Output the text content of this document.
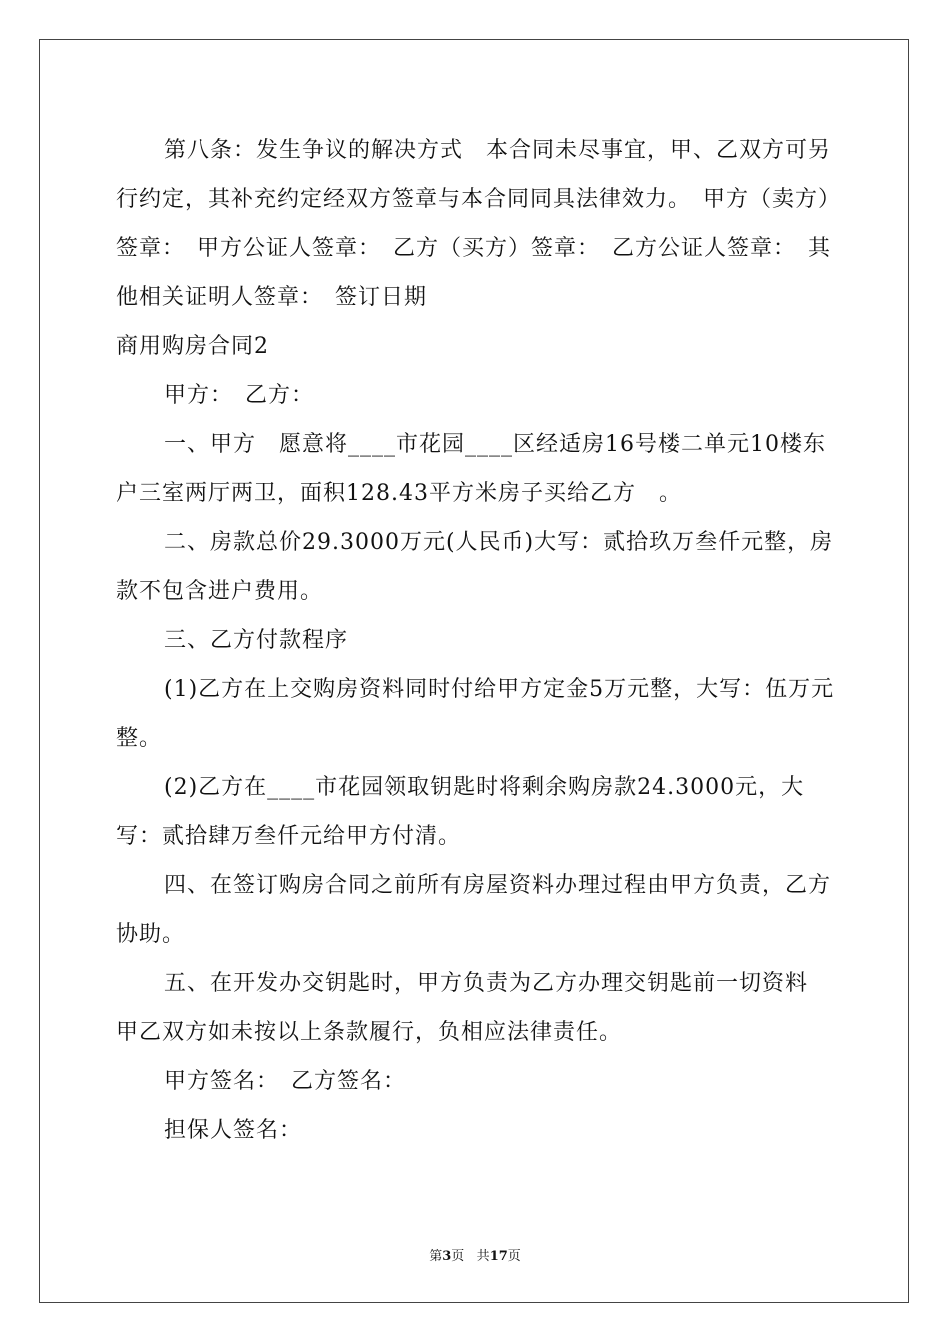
第八条：发生争议的解决方式　本合同未尽事宜，甲、乙双方可另行约定，其补充约定经双方签章与本合同同具法律效力。　甲方（卖方）签章：　甲方公证人签章：　乙方（买方）签章：　乙方公证人签章：　其他相关证明人签章：　签订日期

商用购房合同2

甲方：　乙方：

一、甲方　愿意将____市花园____区经适房16号楼二单元10楼东户三室两厅两卫，面积128.43平方米房子买给乙方　。

二、房款总价29.3000万元(人民币)大写：贰拾玖万叁仟元整，房款不包含进户费用。

三、乙方付款程序

(1)乙方在上交购房资料同时付给甲方定金5万元整，大写：伍万元整。

(2)乙方在____市花园领取钥匙时将剩余购房款24.3000元，大写：贰拾肆万叁仟元给甲方付清。

四、在签订购房合同之前所有房屋资料办理过程由甲方负责，乙方协助。

五、在开发办交钥匙时，甲方负责为乙方办理交钥匙前一切资料　甲乙双方如未按以上条款履行，负相应法律责任。

甲方签名：　乙方签名：

担保人签名：

第3页 共17页
